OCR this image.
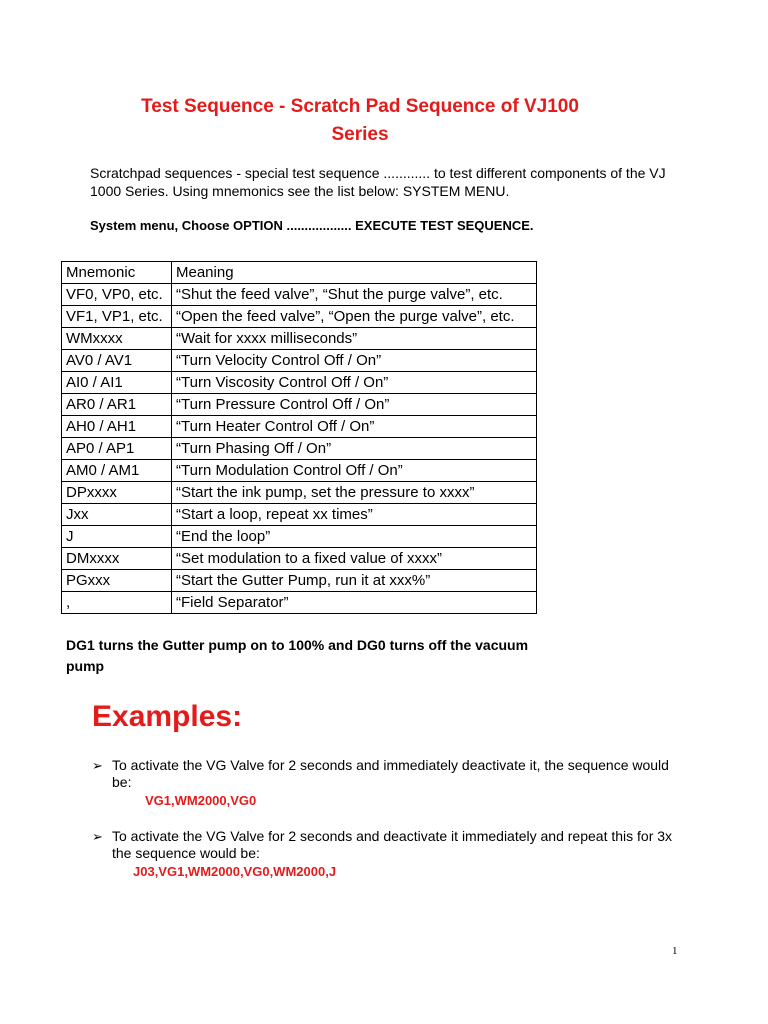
Test Sequence - Scratch Pad Sequence of VJ100
Series

Scratchpad sequences - special test sequence ............ to test different components of the VJ 1000 Series. Using mnemonics see the list below: SYSTEM MENU.

System menu, Choose OPTION .................. EXECUTE TEST SEQUENCE.

Mnemonic	Meaning
VF0, VP0, etc.	“Shut the feed valve”, “Shut the purge valve”, etc.
VF1, VP1, etc.	“Open the feed valve”, “Open the purge valve”, etc.
WMxxxx	“Wait for xxxx milliseconds”
AV0 / AV1	“Turn Velocity Control Off / On”
AI0 / AI1	“Turn Viscosity Control Off / On”
AR0 / AR1	“Turn Pressure Control Off / On”
AH0 / AH1	“Turn Heater Control Off / On”
AP0 / AP1	“Turn Phasing Off / On”
AM0 / AM1	“Turn Modulation Control Off / On”
DPxxxx	“Start the ink pump, set the pressure to xxxx”
Jxx	“Start a loop, repeat xx times”
J	“End the loop”
DMxxxx	“Set modulation to a fixed value of xxxx”
PGxxx	“Start the Gutter Pump, run it at xxx%”
,	“Field Separator”

DG1 turns the Gutter pump on to 100% and DG0 turns off the vacuum pump

Examples:
➢ To activate the VG Valve for 2 seconds and immediately deactivate it, the sequence would be:
VG1,WM2000,VG0
➢ To activate the VG Valve for 2 seconds and deactivate it immediately and repeat this for 3x the sequence would be:
J03,VG1,WM2000,VG0,WM2000,J
1
